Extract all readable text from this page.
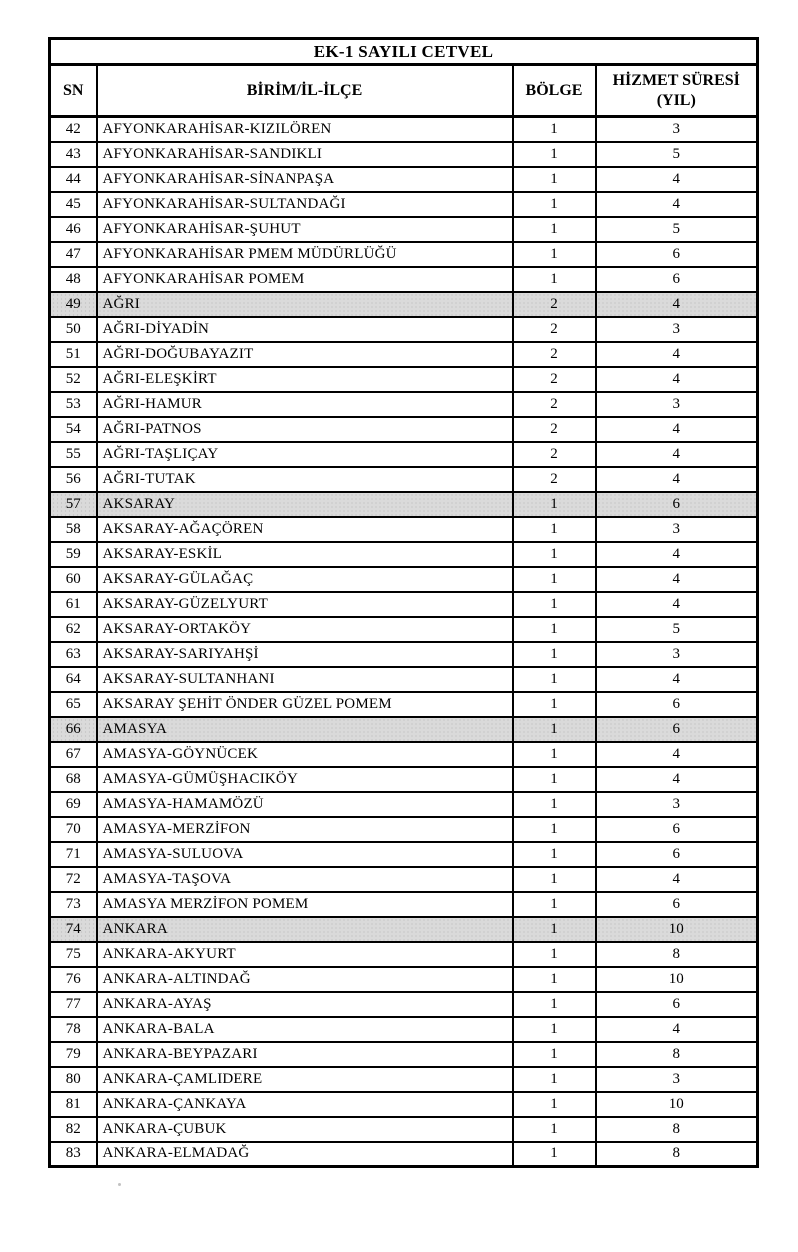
EK-1 SAYILI CETVEL			
SN	BİRİM/İL-İLÇE	BÖLGE	HİZMET SÜRESİ (YIL)
42	AFYONKARAHİSAR-KIZILÖREN	1	3
43	AFYONKARAHİSAR-SANDIKLI	1	5
44	AFYONKARAHİSAR-SİNANPAŞA	1	4
45	AFYONKARAHİSAR-SULTANDAĞI	1	4
46	AFYONKARAHİSAR-ŞUHUT	1	5
47	AFYONKARAHİSAR PMEM MÜDÜRLÜĞÜ	1	6
48	AFYONKARAHİSAR POMEM	1	6
49	AĞRI	2	4
50	AĞRI-DİYADİN	2	3
51	AĞRI-DOĞUBAYAZIT	2	4
52	AĞRI-ELEŞKİRT	2	4
53	AĞRI-HAMUR	2	3
54	AĞRI-PATNOS	2	4
55	AĞRI-TAŞLIÇAY	2	4
56	AĞRI-TUTAK	2	4
57	AKSARAY	1	6
58	AKSARAY-AĞAÇÖREN	1	3
59	AKSARAY-ESKİL	1	4
60	AKSARAY-GÜLAĞAÇ	1	4
61	AKSARAY-GÜZELYURT	1	4
62	AKSARAY-ORTAKÖY	1	5
63	AKSARAY-SARIYAHŞİ	1	3
64	AKSARAY-SULTANHANI	1	4
65	AKSARAY ŞEHİT ÖNDER GÜZEL POMEM	1	6
66	AMASYA	1	6
67	AMASYA-GÖYNÜCEK	1	4
68	AMASYA-GÜMÜŞHACIKÖY	1	4
69	AMASYA-HAMAMÖZÜ	1	3
70	AMASYA-MERZİFON	1	6
71	AMASYA-SULUOVA	1	6
72	AMASYA-TAŞOVA	1	4
73	AMASYA MERZİFON POMEM	1	6
74	ANKARA	1	10
75	ANKARA-AKYURT	1	8
76	ANKARA-ALTINDAĞ	1	10
77	ANKARA-AYAŞ	1	6
78	ANKARA-BALA	1	4
79	ANKARA-BEYPAZARI	1	8
80	ANKARA-ÇAMLIDERE	1	3
81	ANKARA-ÇANKAYA	1	10
82	ANKARA-ÇUBUK	1	8
83	ANKARA-ELMADAĞ	1	8
